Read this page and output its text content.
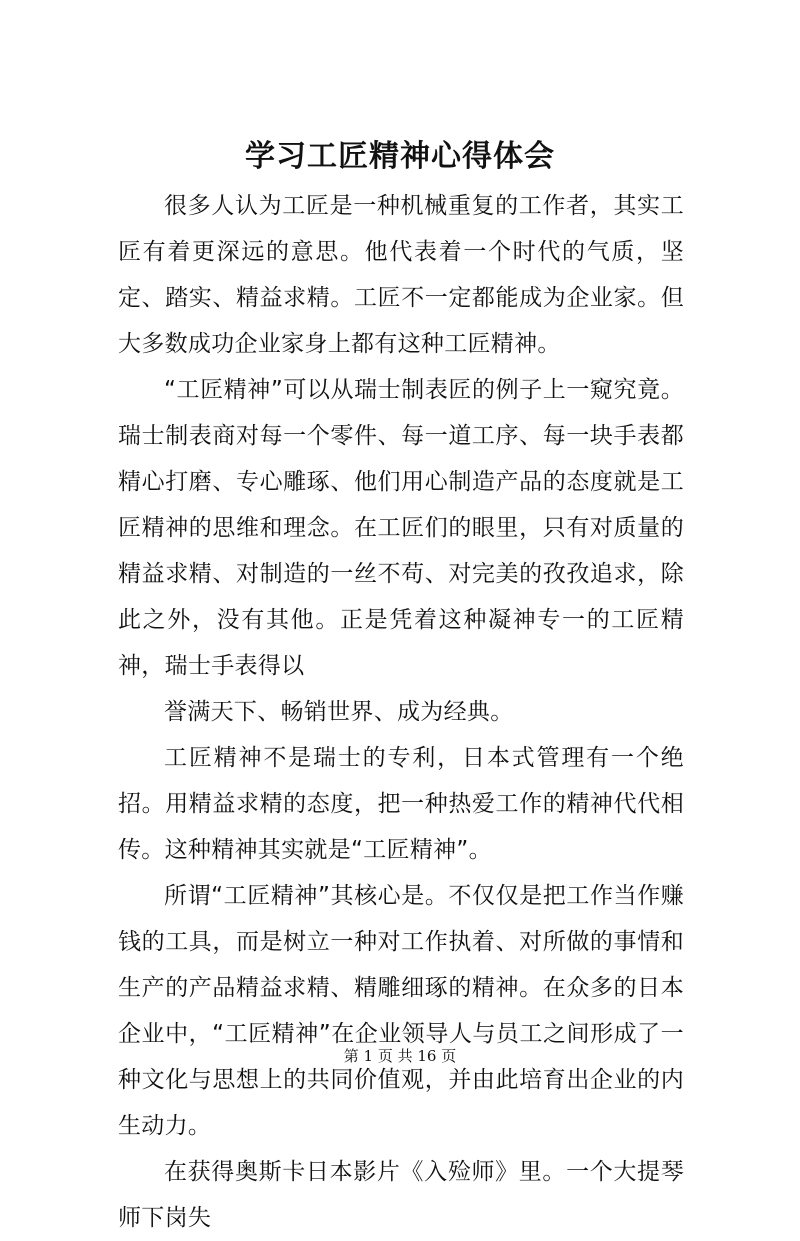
学习工匠精神心得体会

很多人认为工匠是一种机械重复的工作者，其实工匠有着更深远的意思。他代表着一个时代的气质，坚定、踏实、精益求精。工匠不一定都能成为企业家。但大多数成功企业家身上都有这种工匠精神。

“工匠精神”可以从瑞士制表匠的例子上一窥究竟。瑞士制表商对每一个零件、每一道工序、每一块手表都精心打磨、专心雕琢、他们用心制造产品的态度就是工匠精神的思维和理念。在工匠们的眼里，只有对质量的精益求精、对制造的一丝不苟、对完美的孜孜追求，除此之外，没有其他。正是凭着这种凝神专一的工匠精神，瑞士手表得以

誉满天下、畅销世界、成为经典。

工匠精神不是瑞士的专利，日本式管理有一个绝招。用精益求精的态度，把一种热爱工作的精神代代相传。这种精神其实就是“工匠精神”。

所谓“工匠精神”其核心是。不仅仅是把工作当作赚钱的工具，而是树立一种对工作执着、对所做的事情和生产的产品精益求精、精雕细琢的精神。在众多的日本企业中，“工匠精神”在企业领导人与员工之间形成了一种文化与思想上的共同价值观，并由此培育出企业的内生动力。

在获得奥斯卡日本影片《入殓师》里。一个大提琴师下岗失

第 1 页 共 16 页
